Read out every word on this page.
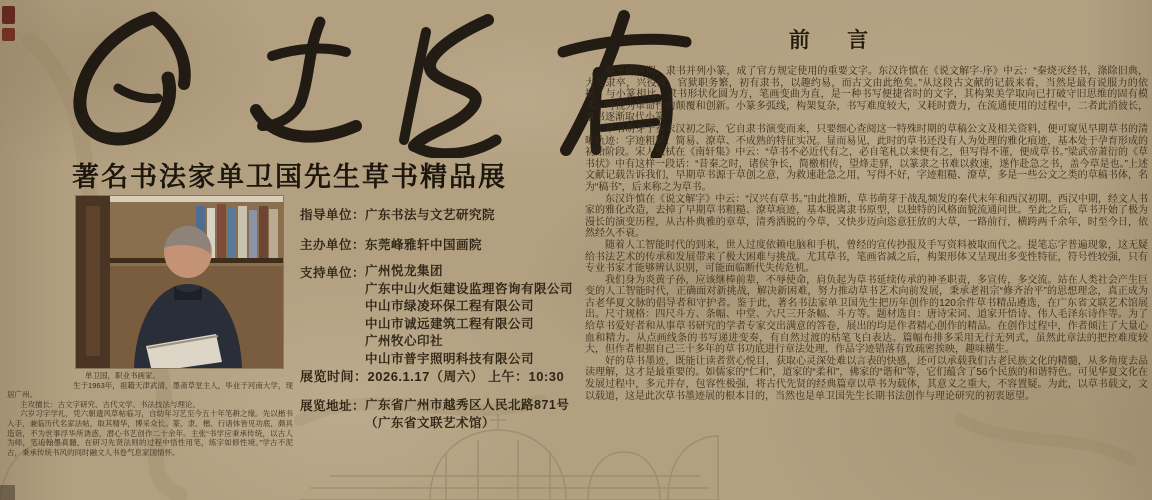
著名书法家单卫国先生草书精品展

单卫国，职业书画家。

生于1963年，祖籍天津武清，墨斋草堂主人，毕业于河南大学，现居广州。

主攻擅长：古文字研究、古代文学、书法技法与理论。

六岁习字学礼，凭六朝遗风草帖临习，自幼年习艺至今五十年笔耕之缘。先以楷书入手，兼临历代名家法帖，取其精华，博采众长。篆、隶、楷、行诸体皆见功底，颇具造诣，不为世事浮华所诱惑，潜心书艺创作二十余年。主张“书学应秉承传统，以古人为师，笔追翰墨真髓，在研习先贤法则的过程中悟性用笔，练字如修性境。”学古不泥古，秉承传统书风的同时融文人书卷气息家国情怀。

指导单位： 广东书法与文艺研究院
主办单位： 东莞峰雅轩中国画院
支持单位： 广州悦龙集团
广东中山火炬建设监理咨询有限公司
中山市绿凌环保工程有限公司
中山市诚远建筑工程有限公司
广州牧心印社
中山市普宇照明科技有限公司
展览时间： 2026.1.17（周六） 上午：10:30
展览地址： 广东省广州市越秀区人民北路871号
（广东省文联艺术馆）
前 言

秦王朝时期，隶书并列小篆，成了官方规定使用的重要文字。东汉许慎在《说文解字·序》中云：“秦烧灭经书，涤除旧典，大发隶卒，兴役戍，官狱职务繁，初有隶书，以趣约易，而古文由此绝矣。”从这段古文献的记载来看，当然是最有说服力的依据。与小篆相比，隶书形状化圆为方，笔画变曲为直，是一种书写便捷省时的文字，其构架美学取向已打破守旧思维的固有模式，可视为革命性的颠覆和创新。小篆多弧线，构架复杂，书写难度较大，又耗时费力，在流通使用的过程中，二者此消彼长，隶书逐渐取代小篆。

草书萌芽于秦末汉初之际，它自隶书演变而来，只要细心查阅这一特殊时期的草稿公文及相关资料，便可窥见早期草书的清晰轨迹：字迹粗糙、简易、潦草、不成熟的特征实况。显而易见，此时的草书还没有人为处理的雅化痕迹，基本处于孕育形成的初始阶段。宋人张栻在《南轩集》中云：“草书不必近代有之，必自笔札以来便有之，但写得不谨，便成草书。”梁武帝萧衍的《草书状》中有这样一段话：“昔秦之时，诸侯争长，简檄相传，望烽走驿，以篆隶之书难以救速，遂作赴急之书，盖今草是也。”上述文献记载告诉我们，早期草书源于草创之意，为救速赴急之用，写得不好，字迹粗糙、潦草，多是一些公文之类的草稿书体，名为“稿书”，后来称之为草书。

东汉许慎在《说文解字》中云：“汉兴有草书。”由此推断，草书萌芽于战乱频发的秦代末年和西汉初期。西汉中期，经文人书家的雅化改造，去掉了早期草书粗糙、潦草痕迹，基本脱离隶书原型，以独特的风格面貌流通问世。至此之后，草书开始了极为漫长的演变历程，从古朴典雅的章草，清秀洒脱的今草，又快步迈向恣意狂放的大草，一路前行，横跨两千余年，时至今日，依然经久不衰。

随着人工智能时代的到来，世人过度依赖电脑和手机，曾经的宣传抄报及手写资料被取而代之。提笔忘字普遍现象，这无疑给书法艺术的传承和发展带来了极大困难与挑战。尤其草书，笔画省减之后，构架形体又呈现出多变性特征，符号性较强，只有专业书家才能够辨认识别，可能面临断代失传危机。

我们身为炎黄子孙，应该继棒前辈，不辱使命，肩负起为草书延续传承的神圣职责，多宣传，多交流。站在人类社会产生巨变的人工智能时代，正确面对新挑战，解决新困难，努力推动草书艺术向前发展，秉承老祖宗“修齐治平”的思想理念，真正成为古老华夏文脉的倡导者和守护者。鉴于此，著名书法家单卫国先生把历年创作的120余件草书精品遴选，在广东省文联艺术馆展出。尺寸规格：四尺斗方、条幅、中堂、六尺三开条幅、斗方等。题材选自：唐诗宋词、道家开悟诗、伟人毛泽东诗作等。为了给草书爱好者和从事草书研究的学者专家交出满意的答卷，展出的均是作者精心创作的精品。在创作过程中，作者倾注了大量心血和精力。从点画线条的书写递进变奏，有自然过渡的枯笔飞白表达。篇幅布排多采用无行无列式，虽然此章法的把控难度较大，但作者根据自己三十多年的草书功底进行章法处理，作品字迹错落有致疏密挨映，趣味横生。

好的草书墨迹，既能让读者赏心悦目，获取心灵深处难以言表的快感，还可以承载我们古老民族文化的精髓，从多角度去品读理解，这才是最重要的。如儒家的“仁和”，道家的“柔和”，佛家的“谐和”等，它们蕴含了56个民族的和谐特色。可见华夏文化在发展过程中，多元并存，包容性极强，将古代先贤的经典篇章以草书为载体，其意义之重大，不容置疑。为此，以草书载文，文以载道，这是此次草书墨迹展的根本目的，当然也是单卫国先生长期书法创作与理论研究的初衷愿望。
